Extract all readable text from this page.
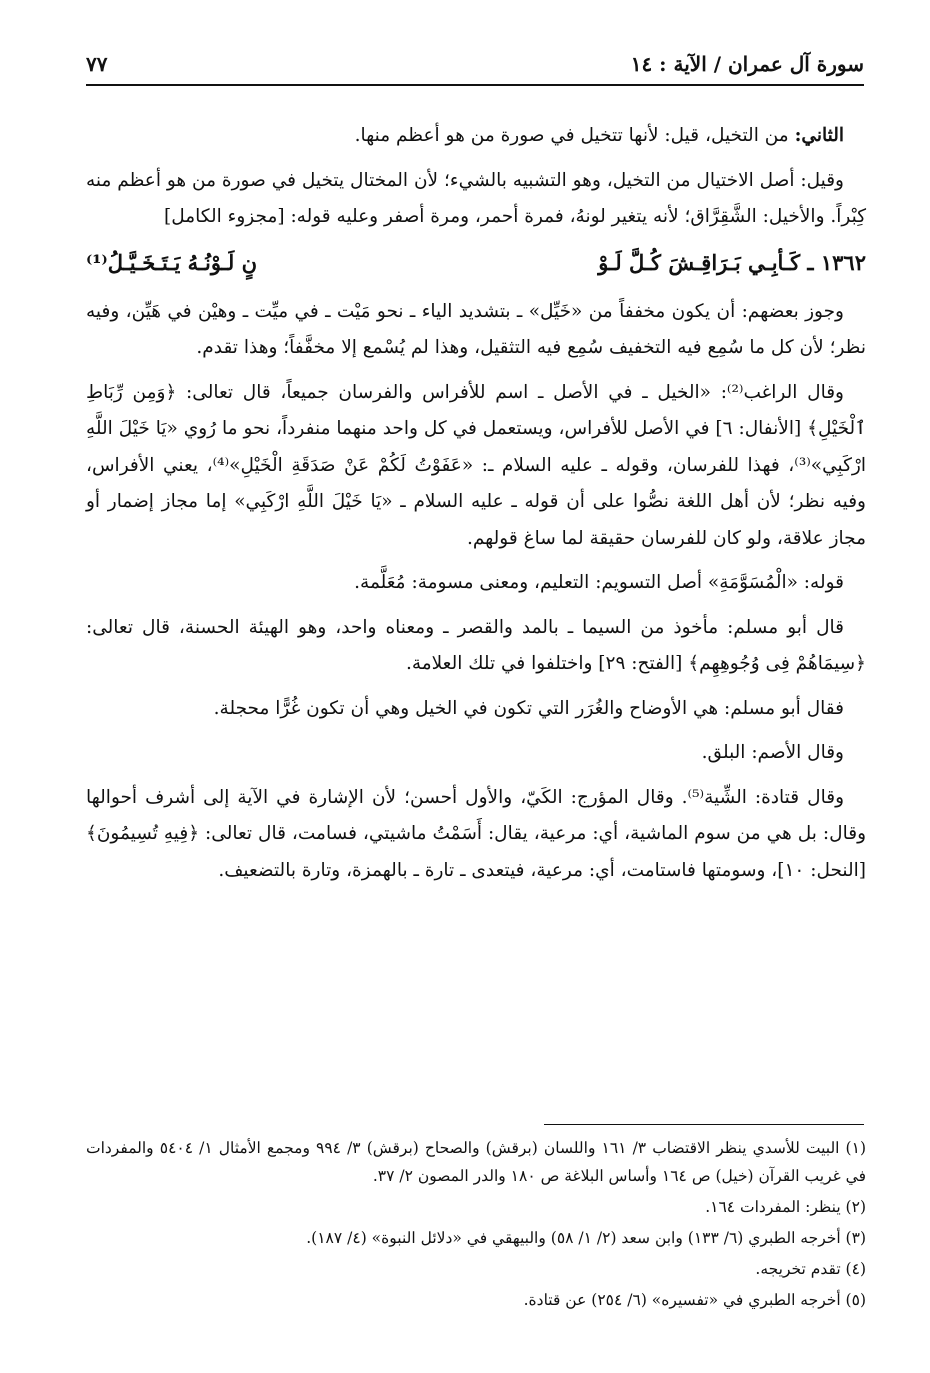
سورة آل عمران / الآية : ١٤
٧٧

الثاني: من التخيل، قيل: لأنها تتخيل في صورة من هو أعظم منها.

وقيل: أصل الاختيال من التخيل، وهو التشبيه بالشيء؛ لأن المختال يتخيل في صورة من هو أعظم منه كِبْراً. والأخيل: الشَّقِرَّاق؛ لأنه يتغير لونهُ، فمرة أحمر، ومرة أصفر وعليه قوله: [مجزوء الكامل]

١٣٦٢ ـ كَـأبِـي بَـرَاقِـشَ كُـلَّ لَـوْ
نٍ لَـوْنُـهُ يَـتَـخَـيَّـلُ⁽¹⁾

وجوز بعضهم: أن يكون مخففاً من «خَيِّل» ـ بتشديد الياء ـ نحو مَيْت ـ في ميِّت ـ وهيْن في هَيِّن، وفيه نظر؛ لأن كل ما سُمِع فيه التخفيف سُمِع فيه التثقيل، وهذا لم يُسْمع إلا مخفَّفاً؛ وهذا تقدم.

وقال الراغب⁽²⁾: «الخيل ـ في الأصل ـ اسم للأفراس والفرسان جميعاً، قال تعالى: ﴿وَمِن رِّبَاطِ ٱلْخَيْلِ﴾ [الأنفال: ٦] في الأصل للأفراس، ويستعمل في كل واحد منهما منفرداً، نحو ما رُوي «يَا خَيْلَ اللَّهِ ارْكَبِي»⁽³⁾، فهذا للفرسان، وقوله ـ عليه السلام ـ: «عَفَوْتُ لَكُمْ عَنْ صَدَقَةِ الْخَيْلِ»⁽⁴⁾، يعني الأفراس، وفيه نظر؛ لأن أهل اللغة نصُّوا على أن قوله ـ عليه السلام ـ «يَا خَيْلَ اللَّهِ ارْكَبِي» إما مجاز إضمار أو مجاز علاقة، ولو كان للفرسان حقيقة لما ساغ قولهم.

قوله: «الْمُسَوَّمَةِ» أصل التسويم: التعليم، ومعنى مسومة: مُعَلَّمة.

قال أبو مسلم: مأخوذ من السيما ـ بالمد والقصر ـ ومعناه واحد، وهو الهيئة الحسنة، قال تعالى: ﴿سِيمَاهُمْ فِى وُجُوهِهِم﴾ [الفتح: ٢٩] واختلفوا في تلك العلامة.

فقال أبو مسلم: هي الأوضاح والغُرَر التي تكون في الخيل وهي أن تكون غُرًّا محجلة.

وقال الأصم: البلق.

وقال قتادة: الشِّية⁽⁵⁾. وقال المؤرج: الكَيّ، والأول أحسن؛ لأن الإشارة في الآية إلى أشرف أحوالها وقال: بل هي من سوم الماشية، أي: مرعية، يقال: أَسَمْتُ ماشيتي، فسامت، قال تعالى: ﴿فِيهِ تُسِيمُونَ﴾ [النحل: ١٠]، وسومتها فاستامت، أي: مرعية، فيتعدى ـ تارة ـ بالهمزة، وتارة بالتضعيف.

(١) البيت للأسدي ينظر الاقتضاب ٣/ ١٦١ واللسان (برقش) والصحاح (برقش) ٣/ ٩٩٤ ومجمع الأمثال ١/ ٥٤٠٤ والمفردات في غريب القرآن (خيل) ص ١٦٤ وأساس البلاغة ص ١٨٠ والدر المصون ٢/ ٣٧.

(٢) ينظر: المفردات ١٦٤.

(٣) أخرجه الطبري (٦/ ١٣٣) وابن سعد (٢/ ١/ ٥٨) والبيهقي في «دلائل النبوة» (٤/ ١٨٧).

(٤) تقدم تخريجه.

(٥) أخرجه الطبري في «تفسيره» (٦/ ٢٥٤) عن قتادة.
